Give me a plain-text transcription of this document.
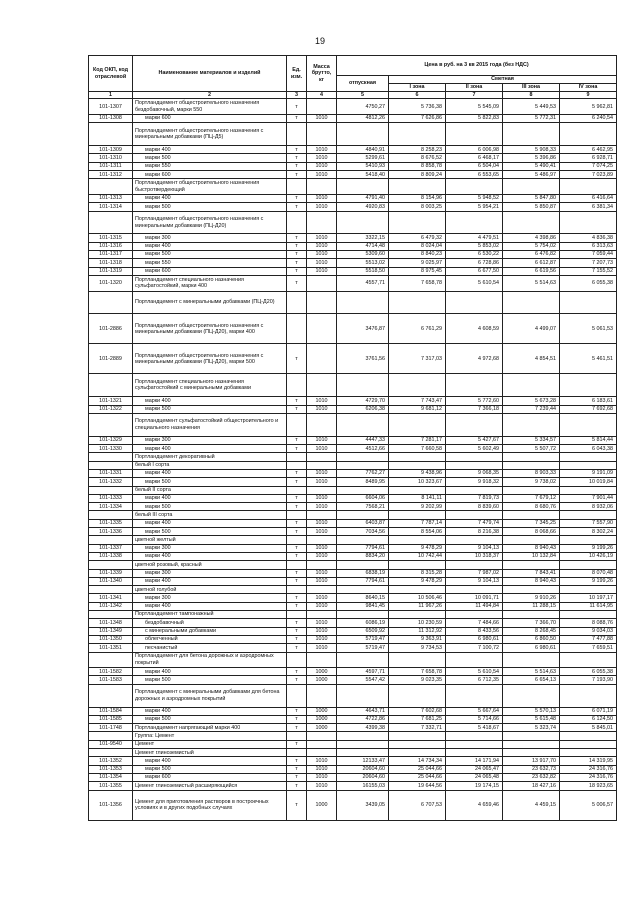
19
Код ОКП, код отраслевой	Наименование материалов и изделий	Ед. изм.	Масса брутто, кг	Цена в руб. на 3 кв 2015 года (без НДС)				
				отпускная	Сметная			
					I зона	II зона	III зона	IV зона
1	2	3	4	5	6	7	8	9
101-1307	Портландцемент общестроительного назначения бездобавочный, марки 550	т		4750,27	5 736,38	5 545,09	5 449,53	5 962,81
101-1308	марки 600	т	1010	4812,26	7 626,86	5 822,83	5 772,31	6 240,54
	Портландцемент общестроительного назначения с минеральными добавками (ПЦ-Д5)							
101-1309	марки 400	т	1010	4840,91	8 258,23	6 006,98	5 908,33	6 462,95
101-1310	марки 500	т	1010	5299,61	8 676,52	6 468,17	5 396,86	6 928,71
101-1311	марки 550	т	1010	5410,93	8 858,78	6 504,04	5 490,41	7 074,25
101-1312	марки 600	т	1010	5418,40	8 809,24	6 553,65	5 486,97	7 023,89
	Портландцемент общестроительного назначения быстротвердеющий							
101-1313	марки 400	т	1010	4791,40	8 154,96	5 948,52	5 847,80	6 416,64
101-1314	марки 500	т	1010	4920,83	8 003,25	5 954,21	5 850,87	6 381,34
	Портландцемент общестроительного назначения с минеральными добавками (ПЦ-Д20)							
101-1315	марки 300	т	1010	3322,15	6 479,32	4 479,51	4 398,86	4 836,38
101-1316	марки 400	т	1010	4714,48	8 024,04	5 853,02	5 754,02	6 313,63
101-1317	марки 500	т	1010	5309,60	8 840,23	6 530,22	6 476,82	7 059,44
101-1318	марки 550	т	1010	5513,02	9 025,97	6 728,86	6 612,87	7 207,73
101-1319	марки 600	т	1010	5518,50	8 975,45	6 677,50	6 619,56	7 155,52
101-1320	Портландцемент специального назначения сульфатостойкий, марки 400	т		4557,71	7 658,78	5 610,54	5 514,63	6 055,38
	Портландцемент с минеральными добавками (ПЦ-Д20)							
101-2886	Портландцемент общестроительного назначения с минеральными добавками (ПЦ-Д20), марки 400			3476,87	6 761,29	4 608,59	4 499,07	5 061,53
101-2889	Портландцемент общестроительного назначения с минеральными добавками (ПЦ-Д20), марки 500	т		3761,56	7 317,03	4 972,68	4 854,51	5 461,51
	Портландцемент специального назначения сульфатостойкий с минеральными добавками							
101-1321	марки 400	т	1010	4729,70	7 743,47	5 772,60	5 673,28	6 183,61
101-1322	марки 500	т	1010	6206,38	9 681,12	7 366,18	7 239,44	7 692,68
	Портландцемент сульфатостойкий общестроительного и специального назначения							
101-1329	марки 300	т	1010	4447,33	7 281,17	5 427,67	5 334,57	5 814,44
101-1330	марки 400	т	1010	4512,66	7 660,58	5 602,49	5 507,72	6 043,38
	Портландцемент декоративный							
	белый I сорта							
101-1331	марки 400	т	1010	7762,27	9 438,96	9 068,35	8 903,33	9 191,09
101-1332	марки 500	т	1010	8489,95	10 323,67	9 918,32	9 738,02	10 019,84
	белый II сорта							
101-1333	марки 400	т	1010	6604,06	8 141,11	7 819,73	7 679,12	7 901,44
101-1334	марки 500	т	1010	7568,21	9 202,99	8 839,60	8 680,76	8 932,06
	белый III сорта							
101-1335	марки 400	т	1010	6403,87	7 787,14	7 479,74	7 345,25	7 557,90
101-1336	марки 500	т	1010	7034,56	8 554,06	8 216,38	8 068,66	8 302,24
	цветной желтый							
101-1337	марки 300	т	1010	7794,61	9 478,29	9 104,13	8 940,43	9 199,26
101-1338	марки 400	т	1010	8834,20	10 742,44	10 318,37	10 132,84	10 426,19
	цветной розовый, красный							
101-1339	марки 300	т	1010	6838,19	8 315,28	7 987,02	7 843,41	8 070,48
101-1340	марки 400	т	1010	7794,61	9 478,29	9 104,13	8 940,43	9 199,26
	цветной голубой							
101-1341	марки 300	т	1010	8640,15	10 506,46	10 091,71	9 910,26	10 197,17
101-1342	марки 400	т	1010	9841,45	11 967,26	11 494,84	11 288,15	11 614,95
	Портландцемент тампонажный							
101-1348	бездобавочный	т	1010	6086,19	10 230,59	7 484,66	7 366,70	8 088,76
101-1349	с минеральными добавками	т	1010	6509,92	11 312,92	8 433,56	8 268,45	9 034,03
101-1350	облегченный	т	1010	5719,47	9 363,91	6 980,61	6 860,50	7 477,88
101-1351	песчанистый	т	1010	5719,47	9 734,53	7 100,72	6 980,61	7 659,51
	Портландцемент для бетона дорожных и аэродромных покрытий							
101-1582	марки 400	т	1000	4597,71	7 658,78	5 610,54	5 514,63	6 055,38
101-1583	марки 500	т	1000	5547,42	9 023,35	6 712,35	6 654,13	7 193,90
	Портландцемент с минеральными добавками для бетона дорожных и аэродромных покрытий							
101-1584	марки 400	т	1000	4643,71	7 602,68	5 667,64	5 570,13	6 071,19
101-1585	марки 500	т	1000	4722,86	7 681,25	5 714,66	5 615,48	6 124,50
101-1748	Портландцемент напрягающий марки 400	т	1000	4399,38	7 332,71	5 418,67	5 323,74	5 845,01
	Группа: Цемент							
101-9540	Цемент	т						
	Цемент глиноземистый							
101-1352	марки 400	т	1010	12133,47	14 734,34	14 171,94	13 917,70	14 319,95
101-1353	марки 500	т	1010	20604,60	25 044,66	24 065,47	23 632,73	24 316,76
101-1354	марки 600	т	1010	20604,60	25 044,66	24 065,48	23 632,82	24 316,76
101-1355	Цемент глиноземистый расширяющийся	т	1010	16155,03	19 644,56	19 174,15	18 427,16	18 923,65
101-1356	Цемент для приготовления растворов в построечных условиях и в других подобных случаях	т	1000	3439,05	6 707,53	4 659,46	4 459,15	5 006,57
